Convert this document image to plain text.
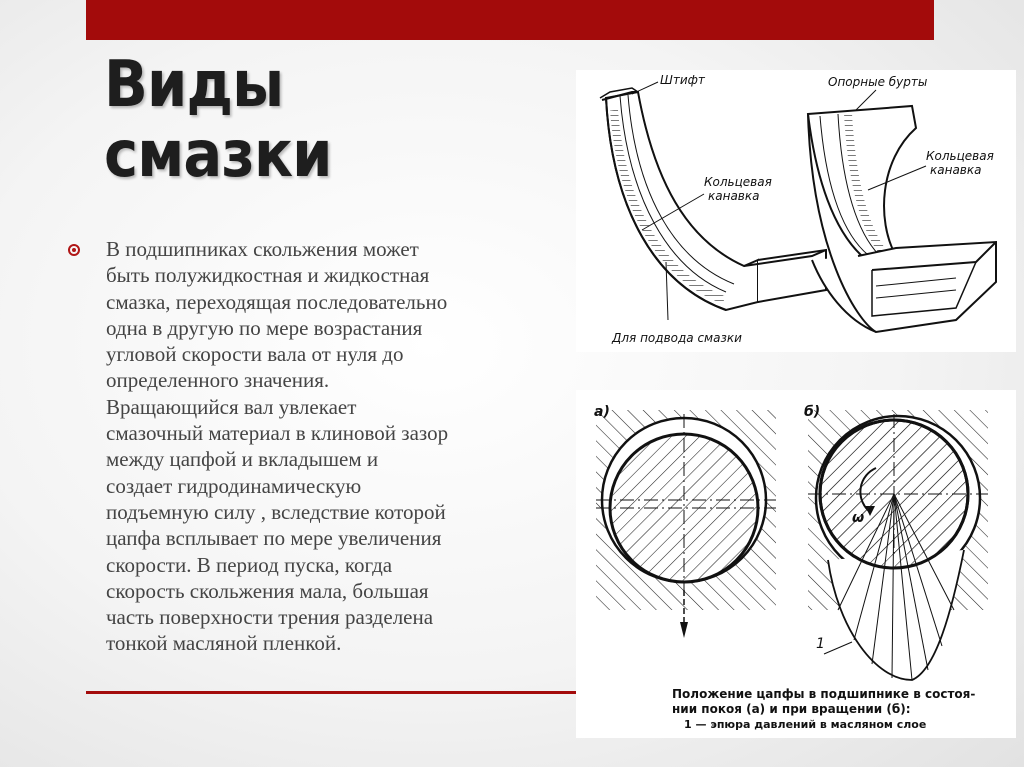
Виды
смазки

В подшипниках скольжения может
быть полужидкостная и жидкостная
смазка, переходящая последовательно
одна в другую по мере возрастания
угловой скорости вала от нуля до
определенного значения.
Вращающийся вал увлекает
смазочный материал в клиновой зазор
между цапфой и вкладышем и
создает гидродинамическую
подъемную силу , вследствие которой
цапфа всплывает по мере увеличения
скорости. В период пуска, когда
скорость скольжения мала, большая
часть поверхности трения разделена
тонкой масляной пленкой.

Штифт
Кольцевая
канавка
Для подвода смазки
Опорные бурты
Кольцевая
канавка
а)	б)
ω
1
Положение цапфы в подшипнике в состоя-
нии покоя (а) и при вращении (б):
1 — эпюра давлений в масляном слое
